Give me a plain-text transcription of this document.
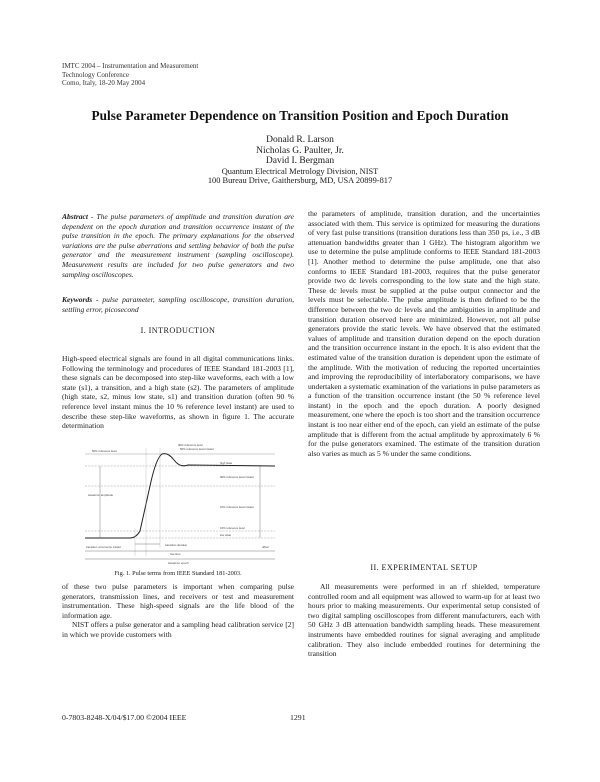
IMTC 2004 – Instrumentation and Measurement
Technology Conference
Como, Italy, 18-20 May 2004
Pulse Parameter Dependence on Transition Position and Epoch Duration
Donald R. Larson
Nicholas G. Paulter, Jr.
David I. Bergman
Quantum Electrical Metrology Division, NIST
100 Bureau Drive, Gaithersburg, MD, USA 20899-817
Abstract - The pulse parameters of amplitude and transition duration are dependent on the epoch duration and transition occurrence instant of the pulse transition in the epoch. The primary explanations for the observed variations are the pulse aberrations and settling behavior of both the pulse generator and the measurement instrument (sampling oscilloscope). Measurement results are included for two pulse generators and two sampling oscilloscopes.
Keywords - pulse parameter, sampling oscilloscope, transition duration, settling error, picosecond
I. INTRODUCTION
High-speed electrical signals are found in all digital communications links. Following the terminology and procedures of IEEE Standard 181-2003 [1], these signals can be decomposed into step-like waveforms, each with a low state (s1), a transition, and a high state (s2). The parameters of amplitude (high state, s2, minus low state, s1) and transition duration (often 90 % reference level instant minus the 10 % reference level instant) are used to describe these step-like waveforms, as shown in figure 1. The accurate determination
90% reference level
50% reference level
10% reference level
high state
low state
waveform amplitude
transition occurrence instant	transition duration
rise time
waveform epoch
50% reference level instant
10% reference level instant
90% reference level instant
offset
Fig. 1. Pulse terms from IEEE Standard 181-2003.
of these two pulse parameters is important when comparing pulse generators, transmission lines, and receivers or test and measurement instrumentation. These high-speed signals are the life blood of the information age.
NIST offers a pulse generator and a sampling head calibration service [2] in which we provide customers with
the parameters of amplitude, transition duration, and the uncertainties associated with them. This service is optimized for measuring the durations of very fast pulse transitions (transition durations less than 350 ps, i.e., 3 dB attenuation bandwidths greater than 1 GHz). The histogram algorithm we use to determine the pulse amplitude conforms to IEEE Standard 181-2003 [1]. Another method to determine the pulse amplitude, one that also conforms to IEEE Standard 181-2003, requires that the pulse generator provide two dc levels corresponding to the low state and the high state. These dc levels must be supplied at the pulse output connector and the levels must be selectable. The pulse amplitude is then defined to be the difference between the two dc levels and the ambiguities in amplitude and transition duration observed here are minimized. However, not all pulse generators provide the static levels. We have observed that the estimated values of amplitude and transition duration depend on the epoch duration and the transition occurrence instant in the epoch. It is also evident that the estimated value of the transition duration is dependent upon the estimate of the amplitude. With the motivation of reducing the reported uncertainties and improving the reproducibility of interlaboratory comparisons, we have undertaken a systematic examination of the variations in pulse parameters as a function of the transition occurrence instant (the 50 % reference level instant) in the epoch and the epoch duration. A poorly designed measurement, one where the epoch is too short and the transition occurrence instant is too near either end of the epoch, can yield an estimate of the pulse amplitude that is different from the actual amplitude by approximately 6 % for the pulse generators examined. The estimate of the transition duration also varies as much as 5 % under the same conditions.
II. EXPERIMENTAL SETUP
All measurements were performed in an rf shielded, temperature controlled room and all equipment was allowed to warm-up for at least two hours prior to making measurements. Our experimental setup consisted of two digital sampling oscilloscopes from different manufacturers, each with 50 GHz 3 dB attenuation bandwidth sampling heads. These measurement instruments have embedded routines for signal averaging and amplitude calibration. They also include embedded routines for determining the transition
0-7803-8248-X/04/$17.00 ©2004 IEEE	1291
